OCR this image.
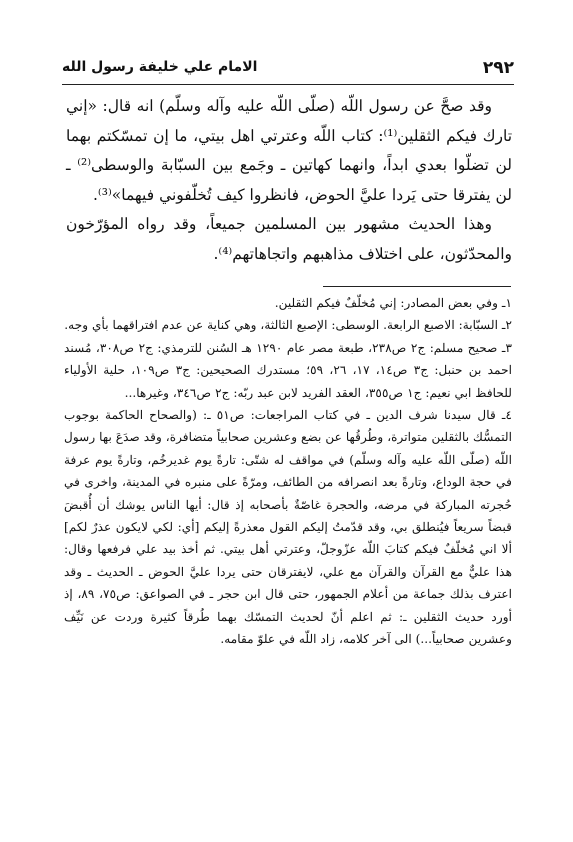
٢٩٢
الامام علي خليفة رسول الله

وقد صحَّ عن رسول اللّه (صلّى اللّه عليه وآله وسلّم) انه قال: «إني تارك فيكم الثقلين⁽¹⁾: كتاب اللّه وعترتي اهل بيتي، ما إن تمسّكتم بهما لن تضلّوا بعدي ابداً، وانهما كهاتين ـ وجَمع بين السبّابة والوسطى⁽²⁾ ـ لن يفترقا حتى يَردا عليَّ الحوض، فانظروا كيف تُخلّفوني فيهما»⁽³⁾.

وهذا الحديث مشهور بين المسلمين جميعاً، وقد رواه المؤرّخون والمحدّثون، على اختلاف مذاهبهم واتجاهاتهم⁽⁴⁾.

١ـ وفي بعض المصادر: إني مُخلّفٌ فيكم الثقلين.

٢ـ السبّابة: الاصبع الرابعة. الوسطى: الإصبع الثالثة، وهي كناية عن عدم افتراقهما بأي وجه.

٣ـ صحيح مسلم: ج٢ ص٢٣٨، طبعة مصر عام ١٢٩٠ هـ السُنن للترمذي: ج٢ ص٣٠٨، مُسند احمد بن حنبل: ج٣ ص١٤، ١٧، ٢٦، ٥٩؛ مستدرك الصحيحين: ج٣ ص١٠٩، حلية الأولياء للحافظ ابي نعيم: ج١ ص٣٥٥، العقد الفريد لابن عبد ربّه: ج٢ ص٣٤٦، وغيرها...

٤ـ قال سيدنا شرف الدين ـ في كتاب المراجعات: ص٥١ ـ: (والصحاح الحاكمة بوجوب التمسُّك بالثقلين متواترة، وطُرقُها عن بضع وعشرين صحابياً متضافرة، وقد صدَعَ بها رسول اللّه (صلّى اللّه عليه وآله وسلّم) في مواقف له شتّى: تارةً يوم غديرخُم، وتارةً يوم عرفة في حجة الوداع، وتارةً بعد انصرافه من الطائف، ومرّةً على منبره في المدينة، واخرى في حُجرته المباركة في مرضه، والحجرة غاصّةٌ بأصحابه إذ قال: أيها الناس يوشك أن أُقبضَ قبضاً سريعاً فيُنطلق بي، وقد قدّمتُ إليكم القول معذرةً إليكم [أي: لكي لايكون عذرٌ لكم] ألا اني مُخلّفٌ فيكم كتابَ اللّه عزّوجلّ، وعترتي أهل بيتي. ثم أخذ بيد علي فرفعها وقال: هذا عليٌّ مع القرآن والقرآن مع علي، لايفترقان حتى يردا عليَّ الحوض ـ الحديث ـ وقد اعترف بذلك جماعة من أعلام الجمهور، حتى قال ابن حجر ـ في الصواعق: ص٧٥، ٨٩، إذ أورد حديث الثقلين ـ: ثم اعلم أنّ لحديث التمسّك بهما طُرقاً كثيرة وردت عن نَيِّف وعشرين صحابياً...) الى آخر كلامه، زاد اللّه في علوّ مقامه.
